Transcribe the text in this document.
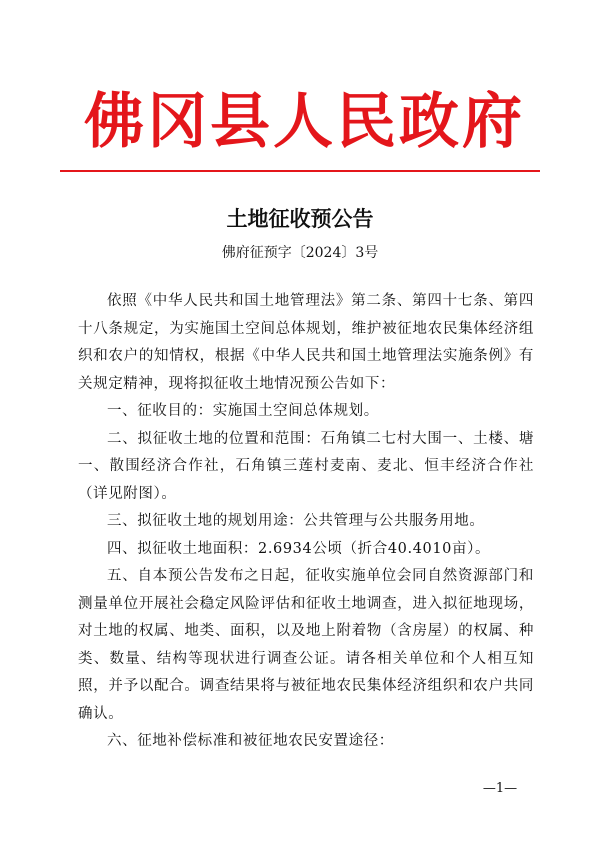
佛冈县人民政府
土地征收预公告
佛府征预字〔2024〕3号

依照《中华人民共和国土地管理法》第二条、第四十七条、第四十八条规定，为实施国土空间总体规划，维护被征地农民集体经济组织和农户的知情权，根据《中华人民共和国土地管理法实施条例》有关规定精神，现将拟征收土地情况预公告如下：

一、征收目的：实施国土空间总体规划。

二、拟征收土地的位置和范围：石角镇二七村大围一、土楼、塘一、散围经济合作社，石角镇三莲村麦南、麦北、恒丰经济合作社（详见附图）。

三、拟征收土地的规划用途：公共管理与公共服务用地。

四、拟征收土地面积：2.6934公顷（折合40.4010亩）。

五、自本预公告发布之日起，征收实施单位会同自然资源部门和测量单位开展社会稳定风险评估和征收土地调查，进入拟征地现场，对土地的权属、地类、面积，以及地上附着物（含房屋）的权属、种类、数量、结构等现状进行调查公证。请各相关单位和个人相互知照，并予以配合。调查结果将与被征地农民集体经济组织和农户共同确认。

六、征地补偿标准和被征地农民安置途径：

—1—
